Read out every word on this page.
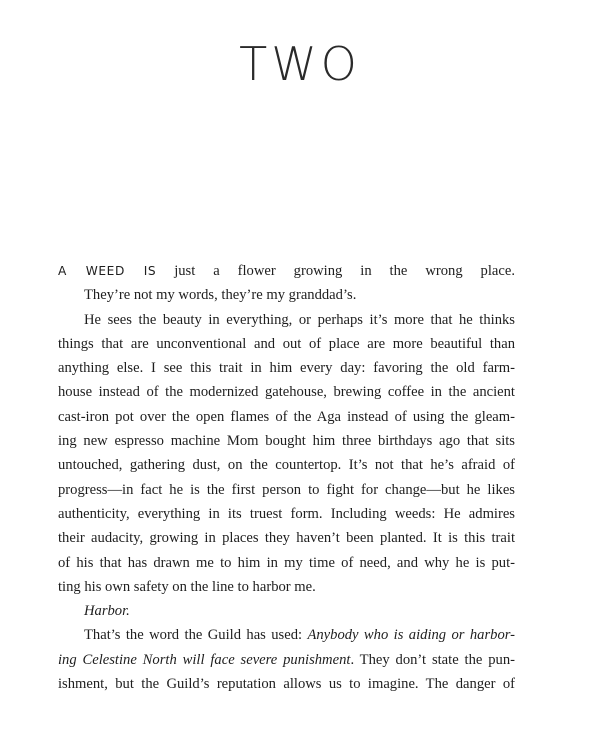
TWO
A WEED IS just a flower growing in the wrong place.
They’re not my words, they’re my granddad’s.
He sees the beauty in everything, or perhaps it’s more that he thinks
things that are unconventional and out of place are more beautiful than
anything else. I see this trait in him every day: favoring the old farm-
house instead of the modernized gatehouse, brewing coffee in the ancient
cast-iron pot over the open flames of the Aga instead of using the gleam-
ing new espresso machine Mom bought him three birthdays ago that sits
untouched, gathering dust, on the countertop. It’s not that he’s afraid of
progress—in fact he is the first person to fight for change—but he likes
authenticity, everything in its truest form. Including weeds: He admires
their audacity, growing in places they haven’t been planted. It is this trait
of his that has drawn me to him in my time of need, and why he is put-
ting his own safety on the line to harbor me.
Harbor.
That’s the word the Guild has used: Anybody who is aiding or harbor-
ing Celestine North will face severe punishment. They don’t state the pun-
ishment, but the Guild’s reputation allows us to imagine. The danger of
